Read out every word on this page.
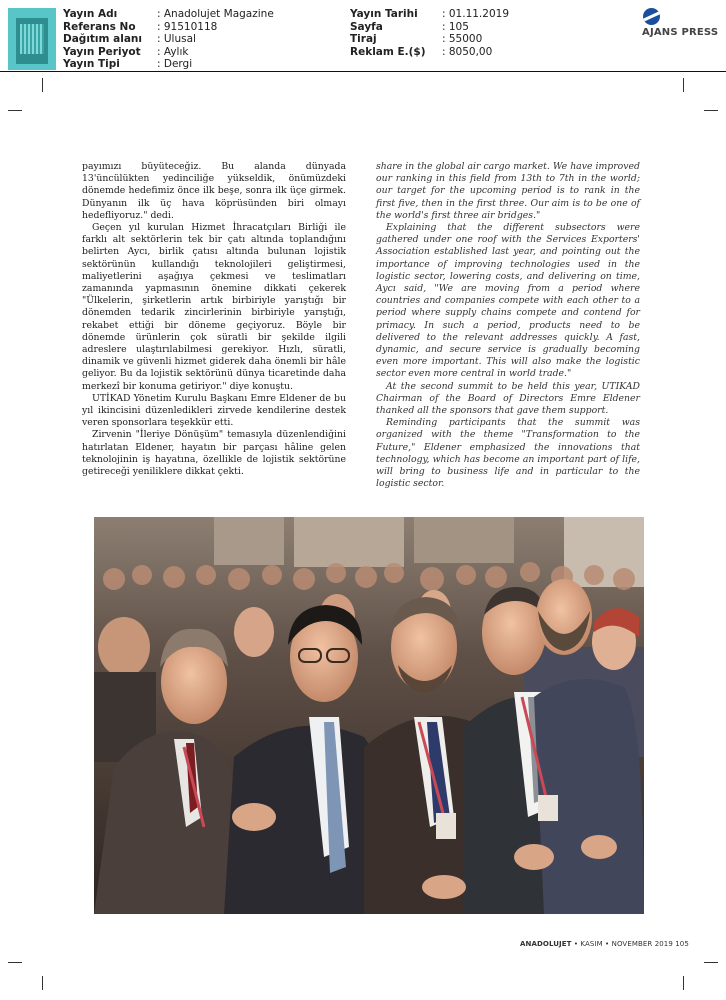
Yayın Adı	: Anadolujet Magazine
Referans No	: 91510118
Dağıtım alanı	: Ulusal
Yayın Periyot	: Aylık
Yayın Tipi	: Dergi
Yayın Tarihi	: 01.11.2019
Sayfa	: 105
Tiraj	: 55000
Reklam E.($)	: 8050,00
AJANS PRESS

payımızı büyüteceğiz. Bu alanda dünyada 13'üncülükten yedinciliğe yükseldik, önümüzdeki dönemde hedefimiz önce ilk beşe, sonra ilk üçe girmek. Dünyanın ilk üç hava köprüsünden biri olmayı hedefliyoruz." dedi.

Geçen yıl kurulan Hizmet İhracatçıları Birliği ile farklı alt sektörlerin tek bir çatı altında toplandığını belirten Aycı, birlik çatısı altında bulunan lojistik sektörünün kullandığı teknolojileri geliştirmesi, maliyetlerini aşağıya çekmesi ve teslimatları zamanında yapmasının önemine dikkati çekerek "Ülkelerin, şirketlerin artık birbiriyle yarıştığı bir dönemden tedarik zincirlerinin birbiriyle yarıştığı, rekabet ettiği bir döneme geçiyoruz. Böyle bir dönemde ürünlerin çok süratli bir şekilde ilgili adreslere ulaştırılabilmesi gerekiyor. Hızlı, süratli, dinamik ve güvenli hizmet giderek daha önemli bir hâle geliyor. Bu da lojistik sektörünü dünya ticaretinde daha merkezî bir konuma getiriyor." diye konuştu.

UTİKAD Yönetim Kurulu Başkanı Emre Eldener de bu yıl ikincisini düzenledikleri zirvede kendilerine destek veren sponsorlara teşekkür etti.

Zirvenin "İleriye Dönüşüm" temasıyla düzenlendiğini hatırlatan Eldener, hayatın bir parçası hâline gelen teknolojinin iş hayatına, özellikle de lojistik sektörüne getireceği yeniliklere dikkat çekti.

share in the global air cargo market. We have improved our ranking in this field from 13th to 7th in the world; our target for the upcoming period is to rank in the first five, then in the first three. Our aim is to be one of the world's first three air bridges."

Explaining that the different subsectors were gathered under one roof with the Services Exporters' Association established last year, and pointing out the importance of improving technologies used in the logistic sector, lowering costs, and delivering on time, Aycı said, "We are moving from a period where countries and companies compete with each other to a period where supply chains compete and contend for primacy. In such a period, products need to be delivered to the relevant addresses quickly. A fast, dynamic, and secure service is gradually becoming even more important. This will also make the logistic sector even more central in world trade."

At the second summit to be held this year, UTIKAD Chairman of the Board of Directors Emre Eldener thanked all the sponsors that gave them support.

Reminding participants that the summit was organized with the theme "Transformation to the Future," Eldener emphasized the innovations that technology, which has become an important part of life, will bring to business life and in particular to the logistic sector.

ANADOLUJET • KASIM • NOVEMBER 2019 105
